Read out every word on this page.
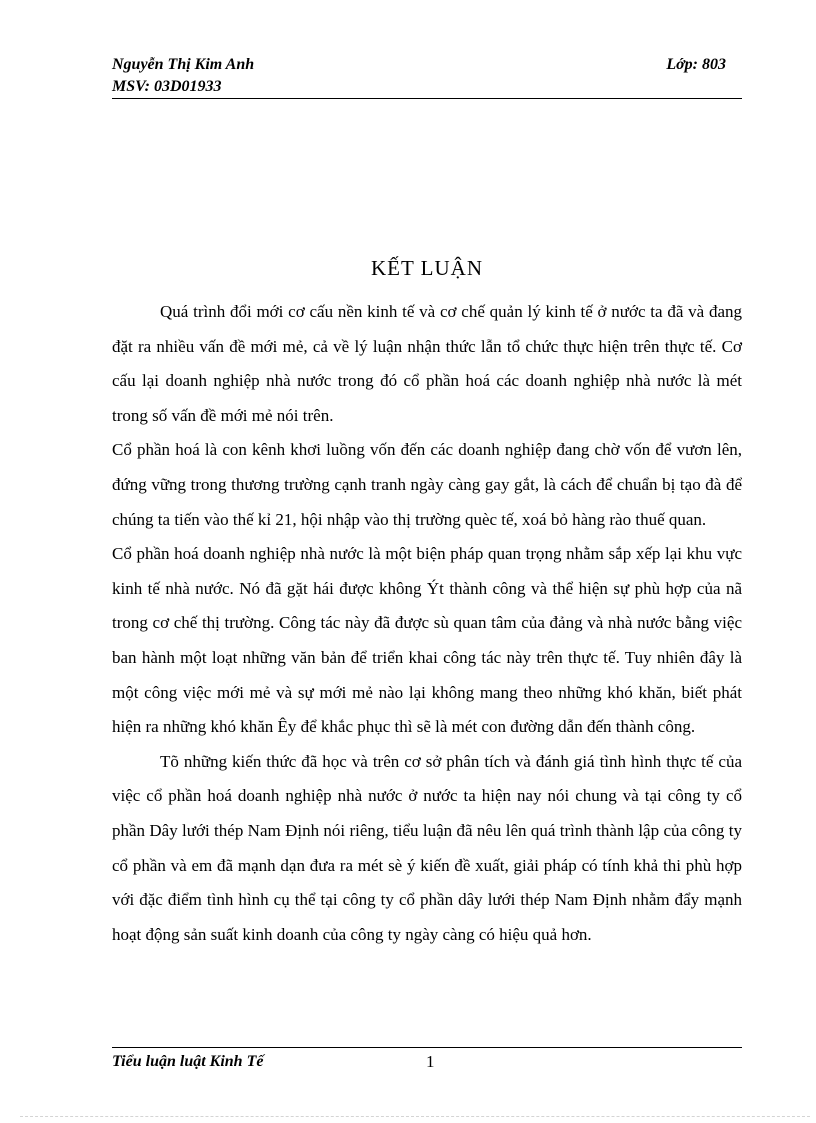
Nguyễn Thị Kim Anh	Lớp: 803
MSV: 03D01933
KẾT LUẬN

Quá trình đổi mới cơ cấu nền kinh tế và cơ chế quản lý kinh tế ở nước ta đã và đang đặt ra nhiều vấn đề mới mẻ, cả về lý luận nhận thức lẫn tổ chức thực hiện trên thực tế. Cơ cấu lại doanh nghiệp nhà nước trong đó cổ phần hoá các doanh nghiệp nhà nước là mét trong số vấn đề mới mẻ nói trên.

Cổ phần hoá là con kênh khơi luồng vốn đến các doanh nghiệp đang chờ vốn để vươn lên, đứng vững trong thương trường cạnh tranh ngày càng gay gắt, là cách để chuẩn bị tạo đà để chúng ta tiến vào thế kỉ 21, hội nhập vào thị trường quèc tế, xoá bỏ hàng rào thuế quan.

Cổ phần hoá doanh nghiệp nhà nước là một biện pháp quan trọng nhằm sắp xếp lại khu vực kinh tế nhà nước. Nó đã gặt hái được không Ýt thành công và thể hiện sự phù hợp của nã trong cơ chế thị trường. Công tác này đã được sù quan tâm của đảng và nhà nước bằng việc ban hành một loạt những văn bản để triển khai công tác này trên thực tế. Tuy nhiên đây là một công việc mới mẻ và sự mới mẻ nào lại không mang theo những khó khăn, biết phát hiện ra những khó khăn Êy để khắc phục thì sẽ là mét con đường dẫn đến thành công.

Tõ những kiến thức đã học và trên cơ sở phân tích và đánh giá tình hình thực tế của việc cổ phần hoá doanh nghiệp nhà nước ở nước ta hiện nay nói chung và tại công ty cổ phần Dây lưới thép Nam Định nói riêng, tiểu luận đã nêu lên quá trình thành lập của công ty cổ phần và em đã mạnh dạn đưa ra mét sè ý kiến đề xuất, giải pháp có tính khả thi phù hợp với đặc điểm tình hình cụ thể tại công ty cổ phần dây lưới thép Nam Định nhằm đẩy mạnh hoạt động sản suất kinh doanh của công ty ngày càng có hiệu quả hơn.

Tiểu luận luật Kinh Tế	1
